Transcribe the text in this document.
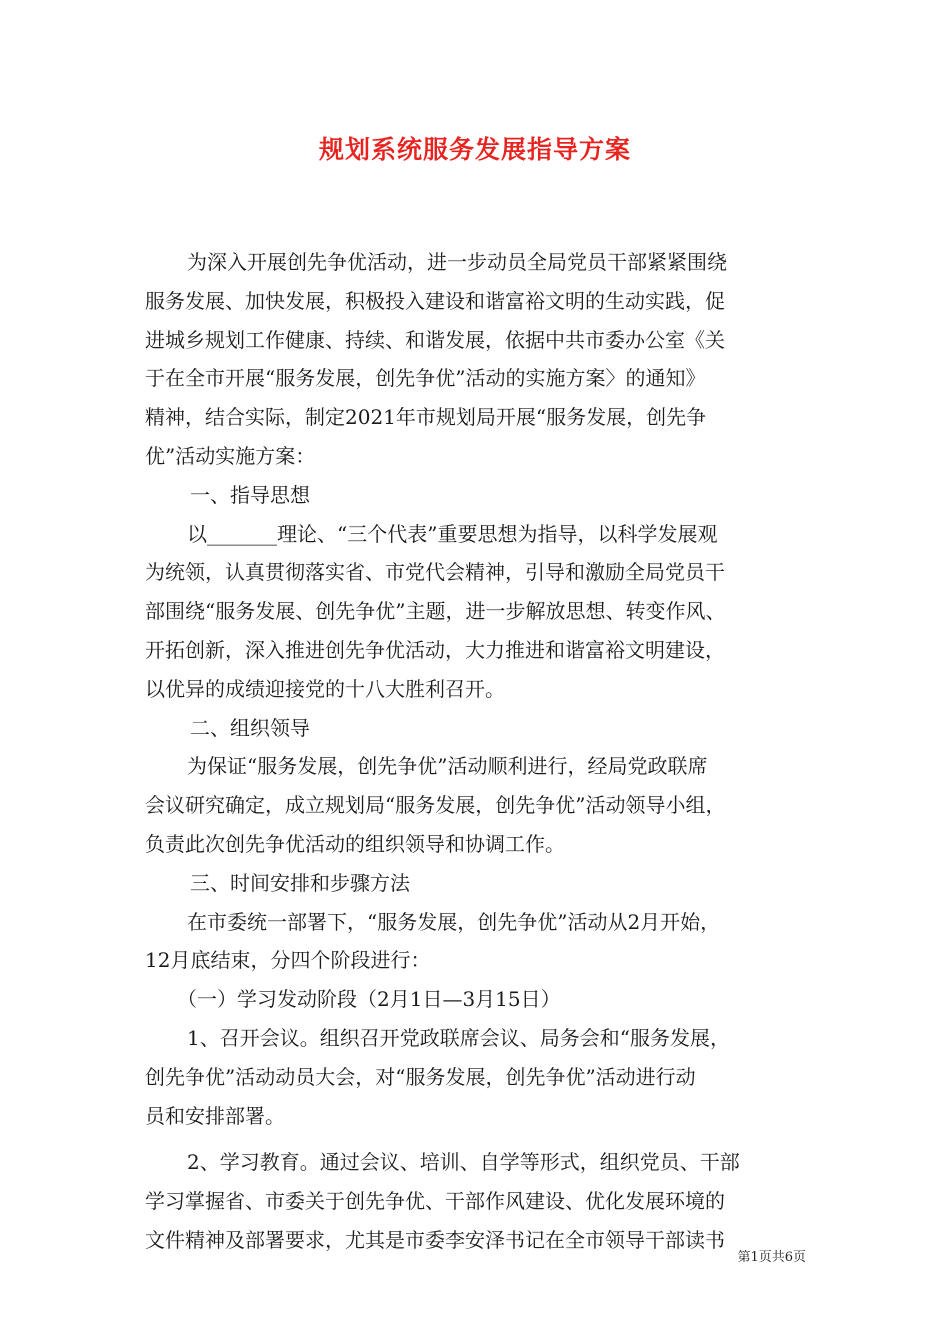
规划系统服务发展指导方案
为深入开展创先争优活动，进一步动员全局党员干部紧紧围绕
服务发展、加快发展，积极投入建设和谐富裕文明的生动实践，促
进城乡规划工作健康、持续、和谐发展，依据中共市委办公室《关
于在全市开展“服务发展，创先争优”活动的实施方案〉的通知》
精神，结合实际，制定2021年市规划局开展“服务发展，创先争
优”活动实施方案：
一、指导思想
以_______理论、“三个代表”重要思想为指导，以科学发展观
为统领，认真贯彻落实省、市党代会精神，引导和激励全局党员干
部围绕“服务发展、创先争优”主题，进一步解放思想、转变作风、
开拓创新，深入推进创先争优活动，大力推进和谐富裕文明建设，
以优异的成绩迎接党的十八大胜利召开。
二、组织领导
为保证“服务发展，创先争优”活动顺利进行，经局党政联席
会议研究确定，成立规划局“服务发展，创先争优”活动领导小组，
负责此次创先争优活动的组织领导和协调工作。
三、时间安排和步骤方法
在市委统一部署下，“服务发展，创先争优”活动从2月开始，
12月底结束，分四个阶段进行：
（一）学习发动阶段（2月1日—3月15日）
1、召开会议。组织召开党政联席会议、局务会和“服务发展，
创先争优”活动动员大会，对“服务发展，创先争优”活动进行动
员和安排部署。
2、学习教育。通过会议、培训、自学等形式，组织党员、干部
学习掌握省、市委关于创先争优、干部作风建设、优化发展环境的
文件精神及部署要求，尤其是市委李安泽书记在全市领导干部读书
第1页共6页
